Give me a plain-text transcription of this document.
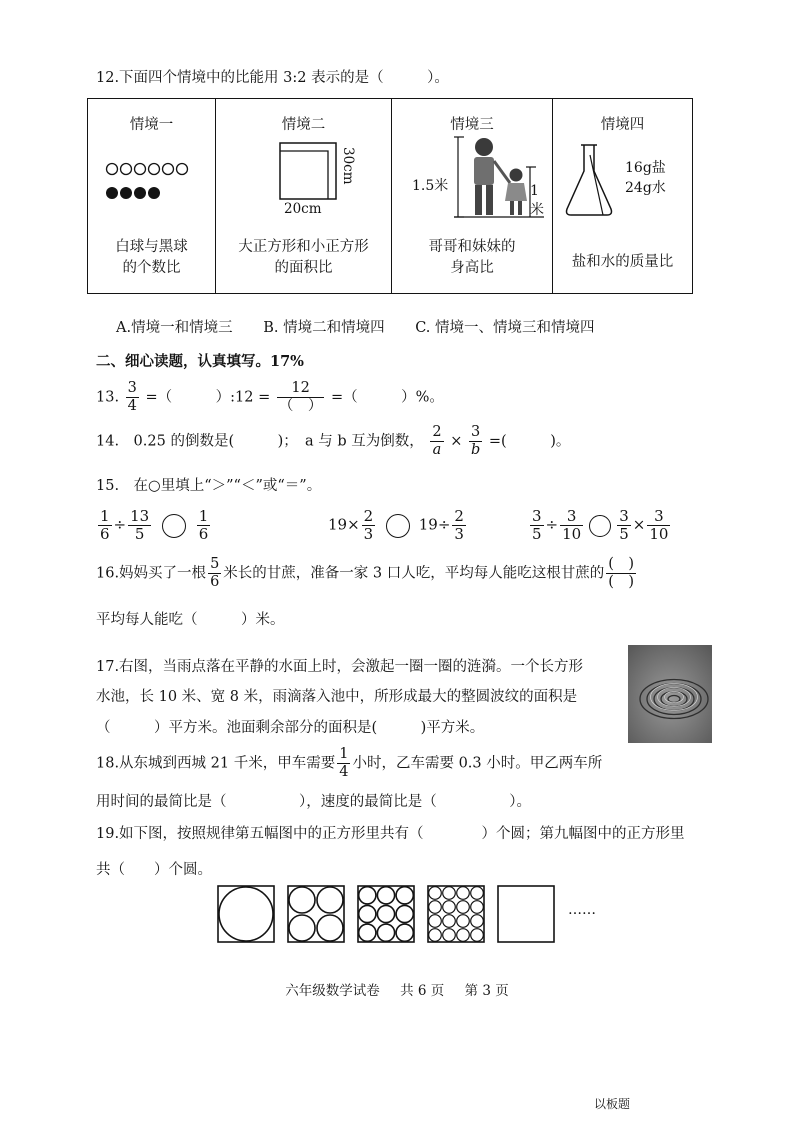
12.下面四个情境中的比能用 3:2 表示的是（　　　）。
情境一
白球与黑球
的个数比

情境二
30cm
20cm
大正方形和小正方形
的面积比

情境三
1.5米	1米
哥哥和妹妹的
身高比

情境四
16g盐
24g水
盐和水的质量比
A.情境一和情境三 B. 情境二和情境四 C. 情境一、情境三和情境四
二、细心读题，认真填写。17%
13. $\frac{3}{4}$ =（　　　）:12 = $\frac{12}{( )}$ =（　　　）%。
14.　0.25 的倒数是(　　　)；　a 与 b 互为倒数， $\frac{2}{a} \times \frac{3}{b}$ =(　　　)。
15.　在○里填上“＞”“＜”或“＝”。
$\frac{1}{6} \div \frac{13}{5}$
	$\frac{1}{6}$	$19\times \frac{2}{3}$	$19\div \frac{2}{3}$	$\frac{3}{5} \div \frac{3}{10} \frac{3}{5} \times \frac{3}{10}$
16.妈妈买了一根 $\frac{5}{6}$ 米长的甘蔗，准备一家 3 口人吃，平均每人能吃这根甘蔗的 $\frac{( )}{( )}$
平均每人能吃（　　　）米。
17.右图，当雨点落在平静的水面上时，会激起一圈一圈的涟漪。一个长方形
水池，长 10 米、宽 8 米，雨滴落入池中，所形成最大的整圆波纹的面积是
（　　　）平方米。池面剩余部分的面积是(　　　)平方米。
18.从东城到西城 21 千米，甲车需要 $\frac{1}{4}$ 小时，乙车需要 0.3 小时。甲乙两车所
用时间的最简比是（　　　　　），速度的最简比是（　　　　　）。
19.如下图，按照规律第五幅图中的正方形里共有（　　　　）个圆；第九幅图中的正方形里
共（　　）个圆。
……
六年级数学试卷 共 6 页 第 3 页
以板题
